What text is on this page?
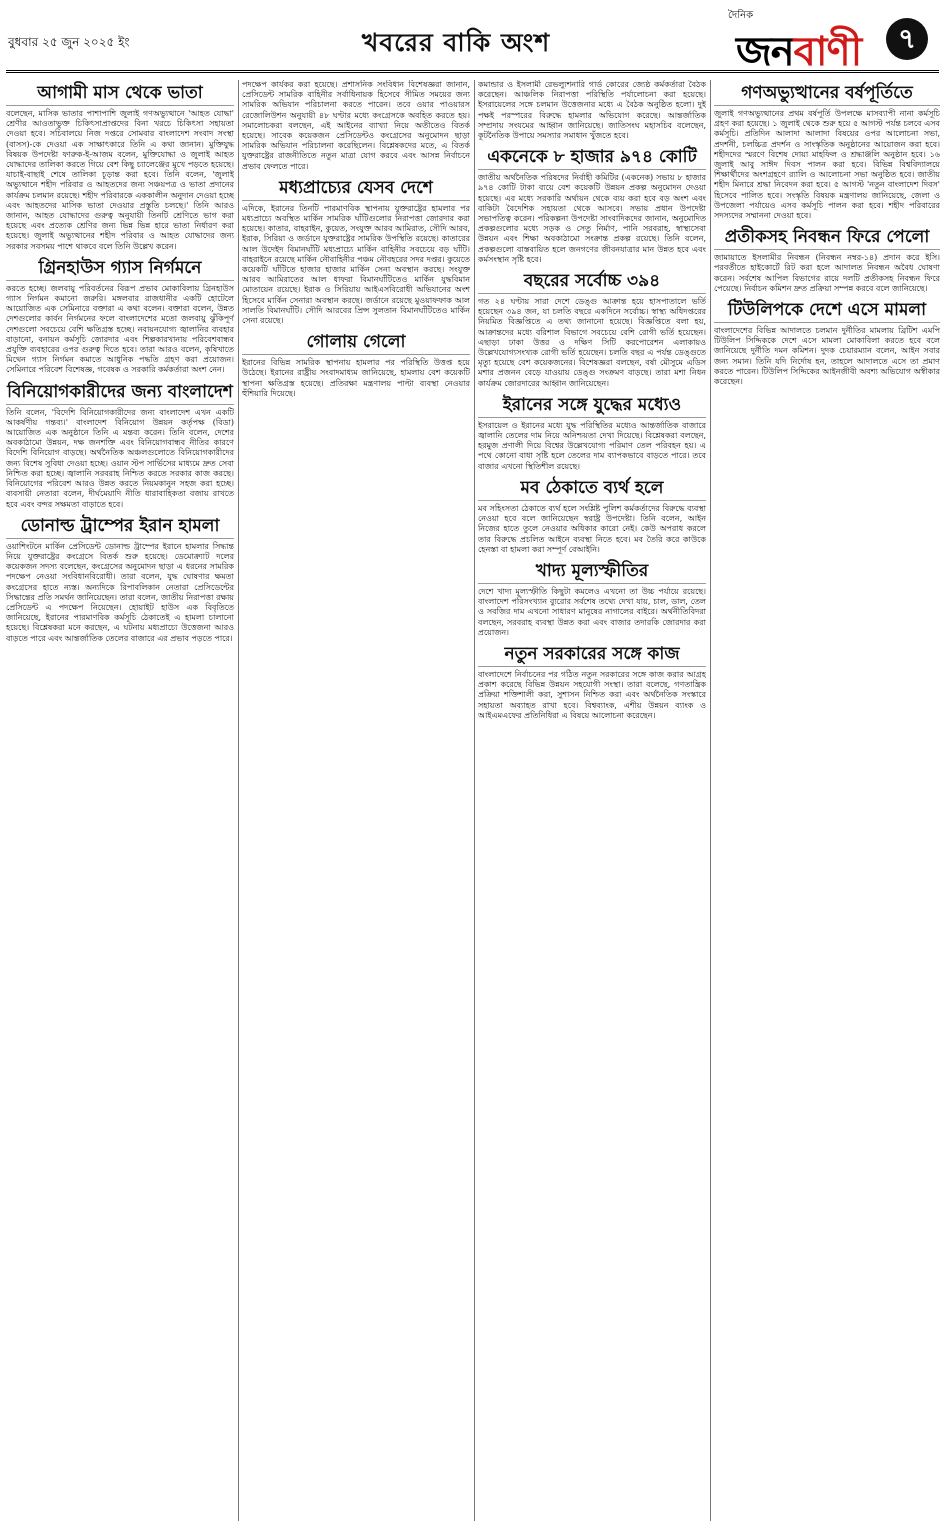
বুধবার ২৫ জুন ২০২৫ ইং	খবরের বাকি অংশ
দৈনিক
জনবাণী	৭
আগামী মাস থেকে ভাতা

বলেছেন, মাসিক ভাতার পাশাপাশি জুলাই গণঅভ্যুত্থানে 'আহত যোদ্ধা' শ্রেণীর আওতাভুক্ত চিকিৎসাপ্রাপ্তদের বিনা খরচে চিকিৎসা সহায়তা দেওয়া হবে। সচিবালয়ে নিজ দপ্তরে সোমবার বাংলাদেশ সংবাদ সংস্থা (বাসস)-কে দেওয়া এক সাক্ষাৎকারে তিনি এ কথা জানান। মুক্তিযুদ্ধ বিষয়ক উপদেষ্টা ফারুক-ই-আজম বলেন, মুক্তিযোদ্ধা ও জুলাই আহত যোদ্ধাদের তালিকা করতে গিয়ে বেশ কিছু চ্যালেঞ্জের মুখে পড়তে হয়েছে। যাচাই-বাছাই শেষে তালিকা চূড়ান্ত করা হবে। তিনি বলেন, 'জুলাই অভ্যুত্থানে শহীদ পরিবার ও আহতদের জন্য সঞ্চয়পত্র ও ভাতা প্রদানের কার্যক্রম চলমান রয়েছে। শহীদ পরিবারকে এককালীন অনুদান দেওয়া হচ্ছে এবং আহতদের মাসিক ভাতা দেওয়ার প্রস্তুতি চলছে।' তিনি আরও জানান, আহত যোদ্ধাদের গুরুত্ব অনুযায়ী তিনটি শ্রেণিতে ভাগ করা হয়েছে এবং প্রত্যেক শ্রেণির জন্য ভিন্ন ভিন্ন হারে ভাতা নির্ধারণ করা হয়েছে। জুলাই অভ্যুত্থানের শহীদ পরিবার ও আহত যোদ্ধাদের জন্য সরকার সবসময় পাশে থাকবে বলে তিনি উল্লেখ করেন।

গ্রিনহাউস গ্যাস নির্গমনে

করতে হচ্ছে। জলবায়ু পরিবর্তনের বিরূপ প্রভাব মোকাবিলায় গ্রিনহাউস গ্যাস নির্গমন কমানো জরুরি। মঙ্গলবার রাজধানীর একটি হোটেলে আয়োজিত এক সেমিনারে বক্তারা এ কথা বলেন। বক্তারা বলেন, উন্নত দেশগুলোর কার্বন নির্গমনের ফলে বাংলাদেশের মতো জলবায়ু ঝুঁকিপূর্ণ দেশগুলো সবচেয়ে বেশি ক্ষতিগ্রস্ত হচ্ছে। নবায়নযোগ্য জ্বালানির ব্যবহার বাড়ানো, বনায়ন কর্মসূচি জোরদার এবং শিল্পকারখানায় পরিবেশবান্ধব প্রযুক্তি ব্যবহারের ওপর গুরুত্ব দিতে হবে। তারা আরও বলেন, কৃষিখাতে মিথেন গ্যাস নির্গমন কমাতে আধুনিক পদ্ধতি গ্রহণ করা প্রয়োজন। সেমিনারে পরিবেশ বিশেষজ্ঞ, গবেষক ও সরকারি কর্মকর্তারা অংশ নেন।

বিনিয়োগকারীদের জন্য বাংলাদেশ

তিনি বলেন, 'বিদেশি বিনিয়োগকারীদের জন্য বাংলাদেশ এখন একটি আকর্ষণীয় গন্তব্য।' বাংলাদেশ বিনিয়োগ উন্নয়ন কর্তৃপক্ষ (বিডা) আয়োজিত এক অনুষ্ঠানে তিনি এ মন্তব্য করেন। তিনি বলেন, দেশের অবকাঠামো উন্নয়ন, দক্ষ জনশক্তি এবং বিনিয়োগবান্ধব নীতির কারণে বিদেশি বিনিয়োগ বাড়ছে। অর্থনৈতিক অঞ্চলগুলোতে বিনিয়োগকারীদের জন্য বিশেষ সুবিধা দেওয়া হচ্ছে। ওয়ান স্টপ সার্ভিসের মাধ্যমে দ্রুত সেবা নিশ্চিত করা হচ্ছে। জ্বালানি সরবরাহ নিশ্চিত করতে সরকার কাজ করছে। বিনিয়োগের পরিবেশ আরও উন্নত করতে নিয়মকানুন সহজ করা হচ্ছে। ব্যবসায়ী নেতারা বলেন, দীর্ঘমেয়াদি নীতি ধারাবাহিকতা বজায় রাখতে হবে এবং বন্দর সক্ষমতা বাড়াতে হবে।

ডোনাল্ড ট্রাম্পের ইরান হামলা

ওয়াশিংটনে মার্কিন প্রেসিডেন্ট ডোনাল্ড ট্রাম্পের ইরানে হামলার সিদ্ধান্ত নিয়ে যুক্তরাষ্ট্রের কংগ্রেসে বিতর্ক শুরু হয়েছে। ডেমোক্র্যাট দলের কয়েকজন সদস্য বলেছেন, কংগ্রেসের অনুমোদন ছাড়া এ ধরনের সামরিক পদক্ষেপ নেওয়া সংবিধানবিরোধী। তারা বলেন, যুদ্ধ ঘোষণার ক্ষমতা কংগ্রেসের হাতে ন্যস্ত। অন্যদিকে রিপাবলিকান নেতারা প্রেসিডেন্টের সিদ্ধান্তের প্রতি সমর্থন জানিয়েছেন। তারা বলেন, জাতীয় নিরাপত্তা রক্ষায় প্রেসিডেন্ট এ পদক্ষেপ নিয়েছেন। হোয়াইট হাউস এক বিবৃতিতে জানিয়েছে, ইরানের পারমাণবিক কর্মসূচি ঠেকাতেই এ হামলা চালানো হয়েছে। বিশ্লেষকরা মনে করছেন, এ ঘটনায় মধ্যপ্রাচ্যে উত্তেজনা আরও বাড়তে পারে এবং আন্তর্জাতিক তেলের বাজারে এর প্রভাব পড়তে পারে।

পদক্ষেপ কার্যকর করা হয়েছে। প্রশাসনিক সংবিধান বিশেষজ্ঞরা জানান, প্রেসিডেন্ট সামরিক বাহিনীর সর্বাধিনায়ক হিসেবে সীমিত সময়ের জন্য সামরিক অভিযান পরিচালনা করতে পারেন। তবে ওয়ার পাওয়ারস রেজোলিউশন অনুযায়ী ৪৮ ঘণ্টার মধ্যে কংগ্রেসকে অবহিত করতে হয়। সমালোচকরা বলছেন, এই আইনের ব্যাখ্যা নিয়ে অতীতেও বিতর্ক হয়েছে। সাবেক কয়েকজন প্রেসিডেন্টও কংগ্রেসের অনুমোদন ছাড়া সামরিক অভিযান পরিচালনা করেছিলেন। বিশ্লেষকদের মতে, এ বিতর্ক যুক্তরাষ্ট্রের রাজনীতিতে নতুন মাত্রা যোগ করবে এবং আসন্ন নির্বাচনে প্রভাব ফেলতে পারে।

মধ্যপ্রাচ্যের যেসব দেশে

এদিকে, ইরানের তিনটি পারমাণবিক স্থাপনায় যুক্তরাষ্ট্রের হামলার পর মধ্যপ্রাচ্যে অবস্থিত মার্কিন সামরিক ঘাঁটিগুলোর নিরাপত্তা জোরদার করা হয়েছে। কাতার, বাহরাইন, কুয়েত, সংযুক্ত আরব আমিরাত, সৌদি আরব, ইরাক, সিরিয়া ও জর্ডানে যুক্তরাষ্ট্রের সামরিক উপস্থিতি রয়েছে। কাতারের আল উদেইদ বিমানঘাঁটি মধ্যপ্রাচ্যে মার্কিন বাহিনীর সবচেয়ে বড় ঘাঁটি। বাহরাইনে রয়েছে মার্কিন নৌবাহিনীর পঞ্চম নৌবহরের সদর দপ্তর। কুয়েতে কয়েকটি ঘাঁটিতে হাজার হাজার মার্কিন সেনা অবস্থান করছে। সংযুক্ত আরব আমিরাতের আল ধাফরা বিমানঘাঁটিতেও মার্কিন যুদ্ধবিমান মোতায়েন রয়েছে। ইরাক ও সিরিয়ায় আইএসবিরোধী অভিযানের অংশ হিসেবে মার্কিন সেনারা অবস্থান করছে। জর্ডানে রয়েছে মুওয়াফফাক আল সালতি বিমানঘাঁটি। সৌদি আরবের প্রিন্স সুলতান বিমানঘাঁটিতেও মার্কিন সেনা রয়েছে।

গোলায় গেলো

ইরানের বিভিন্ন সামরিক স্থাপনায় হামলার পর পরিস্থিতি উত্তপ্ত হয়ে উঠেছে। ইরানের রাষ্ট্রীয় সংবাদমাধ্যম জানিয়েছে, হামলায় বেশ কয়েকটি স্থাপনা ক্ষতিগ্রস্ত হয়েছে। প্রতিরক্ষা মন্ত্রণালয় পাল্টা ব্যবস্থা নেওয়ার হুঁশিয়ারি দিয়েছে।

কমান্ডার ও ইসলামী রেভল্যুশনারি গার্ড কোরের জ্যেষ্ঠ কর্মকর্তারা বৈঠক করেছেন। আঞ্চলিক নিরাপত্তা পরিস্থিতি পর্যালোচনা করা হয়েছে। ইসরায়েলের সঙ্গে চলমান উত্তেজনার মধ্যে এ বৈঠক অনুষ্ঠিত হলো। দুই পক্ষই পরস্পরের বিরুদ্ধে হামলার অভিযোগ করেছে। আন্তর্জাতিক সম্প্রদায় সংযমের আহ্বান জানিয়েছে। জাতিসংঘ মহাসচিব বলেছেন, কূটনৈতিক উপায়ে সমস্যার সমাধান খুঁজতে হবে।

একনেকে ৮ হাজার ৯৭৪ কোটি

জাতীয় অর্থনৈতিক পরিষদের নির্বাহী কমিটির (একনেক) সভায় ৮ হাজার ৯৭৪ কোটি টাকা ব্যয়ে বেশ কয়েকটি উন্নয়ন প্রকল্প অনুমোদন দেওয়া হয়েছে। এর মধ্যে সরকারি অর্থায়ন থেকে ব্যয় করা হবে বড় অংশ এবং বাকিটা বৈদেশিক সহায়তা থেকে আসবে। সভায় প্রধান উপদেষ্টা সভাপতিত্ব করেন। পরিকল্পনা উপদেষ্টা সাংবাদিকদের জানান, অনুমোদিত প্রকল্পগুলোর মধ্যে সড়ক ও সেতু নির্মাণ, পানি সরবরাহ, স্বাস্থ্যসেবা উন্নয়ন এবং শিক্ষা অবকাঠামো সংক্রান্ত প্রকল্প রয়েছে। তিনি বলেন, প্রকল্পগুলো বাস্তবায়িত হলে জনগণের জীবনযাত্রার মান উন্নত হবে এবং কর্মসংস্থান সৃষ্টি হবে।

বছরের সর্বোচ্চ ৩৯৪

গত ২৪ ঘণ্টায় সারা দেশে ডেঙ্গু আক্রান্ত হয়ে হাসপাতালে ভর্তি হয়েছেন ৩৯৪ জন, যা চলতি বছরে একদিনে সর্বোচ্চ। স্বাস্থ্য অধিদপ্তরের নিয়মিত বিজ্ঞপ্তিতে এ তথ্য জানানো হয়েছে। বিজ্ঞপ্তিতে বলা হয়, আক্রান্তদের মধ্যে বরিশাল বিভাগে সবচেয়ে বেশি রোগী ভর্তি হয়েছেন। এছাড়া ঢাকা উত্তর ও দক্ষিণ সিটি করপোরেশন এলাকায়ও উল্লেখযোগ্যসংখ্যক রোগী ভর্তি হয়েছেন। চলতি বছর এ পর্যন্ত ডেঙ্গুতে মৃত্যু হয়েছে বেশ কয়েকজনের। বিশেষজ্ঞরা বলছেন, বর্ষা মৌসুমে এডিস মশার প্রজনন বেড়ে যাওয়ায় ডেঙ্গু সংক্রমণ বাড়ছে। তারা মশা নিধন কার্যক্রম জোরদারের আহ্বান জানিয়েছেন।

ইরানের সঙ্গে যুদ্ধের মধ্যেও

ইসরায়েল ও ইরানের মধ্যে যুদ্ধ পরিস্থিতির মধ্যেও আন্তর্জাতিক বাজারে জ্বালানি তেলের দাম নিয়ে অনিশ্চয়তা দেখা দিয়েছে। বিশ্লেষকরা বলছেন, হরমুজ প্রণালী দিয়ে বিশ্বের উল্লেখযোগ্য পরিমাণ তেল পরিবহন হয়। এ পথে কোনো বাধা সৃষ্টি হলে তেলের দাম ব্যাপকভাবে বাড়তে পারে। তবে বাজার এখনো স্থিতিশীল রয়েছে।

মব ঠেকাতে ব্যর্থ হলে

মব সহিংসতা ঠেকাতে ব্যর্থ হলে সংশ্লিষ্ট পুলিশ কর্মকর্তাদের বিরুদ্ধে ব্যবস্থা নেওয়া হবে বলে জানিয়েছেন স্বরাষ্ট্র উপদেষ্টা। তিনি বলেন, আইন নিজের হাতে তুলে নেওয়ার অধিকার কারো নেই। কেউ অপরাধ করলে তার বিরুদ্ধে প্রচলিত আইনে ব্যবস্থা নিতে হবে। মব তৈরি করে কাউকে হেনস্তা বা হামলা করা সম্পূর্ণ বেআইনি।

খাদ্য মূল্যস্ফীতির

দেশে খাদ্য মূল্যস্ফীতি কিছুটা কমলেও এখনো তা উচ্চ পর্যায়ে রয়েছে। বাংলাদেশ পরিসংখ্যান ব্যুরোর সর্বশেষ তথ্যে দেখা যায়, চাল, ডাল, তেল ও সবজির দাম এখনো সাধারণ মানুষের নাগালের বাইরে। অর্থনীতিবিদরা বলছেন, সরবরাহ ব্যবস্থা উন্নত করা এবং বাজার তদারকি জোরদার করা প্রয়োজন।

নতুন সরকারের সঙ্গে কাজ

বাংলাদেশে নির্বাচনের পর গঠিত নতুন সরকারের সঙ্গে কাজ করার আগ্রহ প্রকাশ করেছে বিভিন্ন উন্নয়ন সহযোগী সংস্থা। তারা বলেছে, গণতান্ত্রিক প্রক্রিয়া শক্তিশালী করা, সুশাসন নিশ্চিত করা এবং অর্থনৈতিক সংস্কারে সহায়তা অব্যাহত রাখা হবে। বিশ্বব্যাংক, এশীয় উন্নয়ন ব্যাংক ও আইএমএফের প্রতিনিধিরা এ বিষয়ে আলোচনা করেছেন।

গণঅভ্যুত্থানের বর্ষপূর্তিতে

জুলাই গণঅভ্যুত্থানের প্রথম বর্ষপূর্তি উপলক্ষে মাসব্যাপী নানা কর্মসূচি গ্রহণ করা হয়েছে। ১ জুলাই থেকে শুরু হয়ে ৫ আগস্ট পর্যন্ত চলবে এসব কর্মসূচি। প্রতিদিন আলাদা আলাদা বিষয়ের ওপর আলোচনা সভা, প্রদর্শনী, চলচ্চিত্র প্রদর্শন ও সাংস্কৃতিক অনুষ্ঠানের আয়োজন করা হবে। শহীদদের স্মরণে বিশেষ দোয়া মাহফিল ও শ্রদ্ধাঞ্জলি অনুষ্ঠান হবে। ১৬ জুলাই আবু সাঈদ দিবস পালন করা হবে। বিভিন্ন বিশ্ববিদ্যালয়ে শিক্ষার্থীদের অংশগ্রহণে র‍্যালি ও আলোচনা সভা অনুষ্ঠিত হবে। জাতীয় শহীদ মিনারে শ্রদ্ধা নিবেদন করা হবে। ৫ আগস্ট 'নতুন বাংলাদেশ দিবস' হিসেবে পালিত হবে। সংস্কৃতি বিষয়ক মন্ত্রণালয় জানিয়েছে, জেলা ও উপজেলা পর্যায়েও এসব কর্মসূচি পালন করা হবে। শহীদ পরিবারের সদস্যদের সম্মাননা দেওয়া হবে।

প্রতীকসহ নিবন্ধন ফিরে পেলো

জামায়াতে ইসলামীর নিবন্ধন (নিবন্ধন নম্বর-১৪) প্রদান করে ইসি। পরবর্তীতে হাইকোর্টে রিট করা হলে আদালত নিবন্ধন অবৈধ ঘোষণা করেন। সর্বশেষ আপিল বিভাগের রায়ে দলটি প্রতীকসহ নিবন্ধন ফিরে পেয়েছে। নির্বাচন কমিশন দ্রুত প্রক্রিয়া সম্পন্ন করবে বলে জানিয়েছে।

টিউলিপকে দেশে এসে মামলা

বাংলাদেশের বিভিন্ন আদালতে চলমান দুর্নীতির মামলায় ব্রিটিশ এমপি টিউলিপ সিদ্দিককে দেশে এসে মামলা মোকাবিলা করতে হবে বলে জানিয়েছে দুর্নীতি দমন কমিশন। দুদক চেয়ারম্যান বলেন, আইন সবার জন্য সমান। তিনি যদি নির্দোষ হন, তাহলে আদালতে এসে তা প্রমাণ করতে পারেন। টিউলিপ সিদ্দিকের আইনজীবী অবশ্য অভিযোগ অস্বীকার করেছেন।
